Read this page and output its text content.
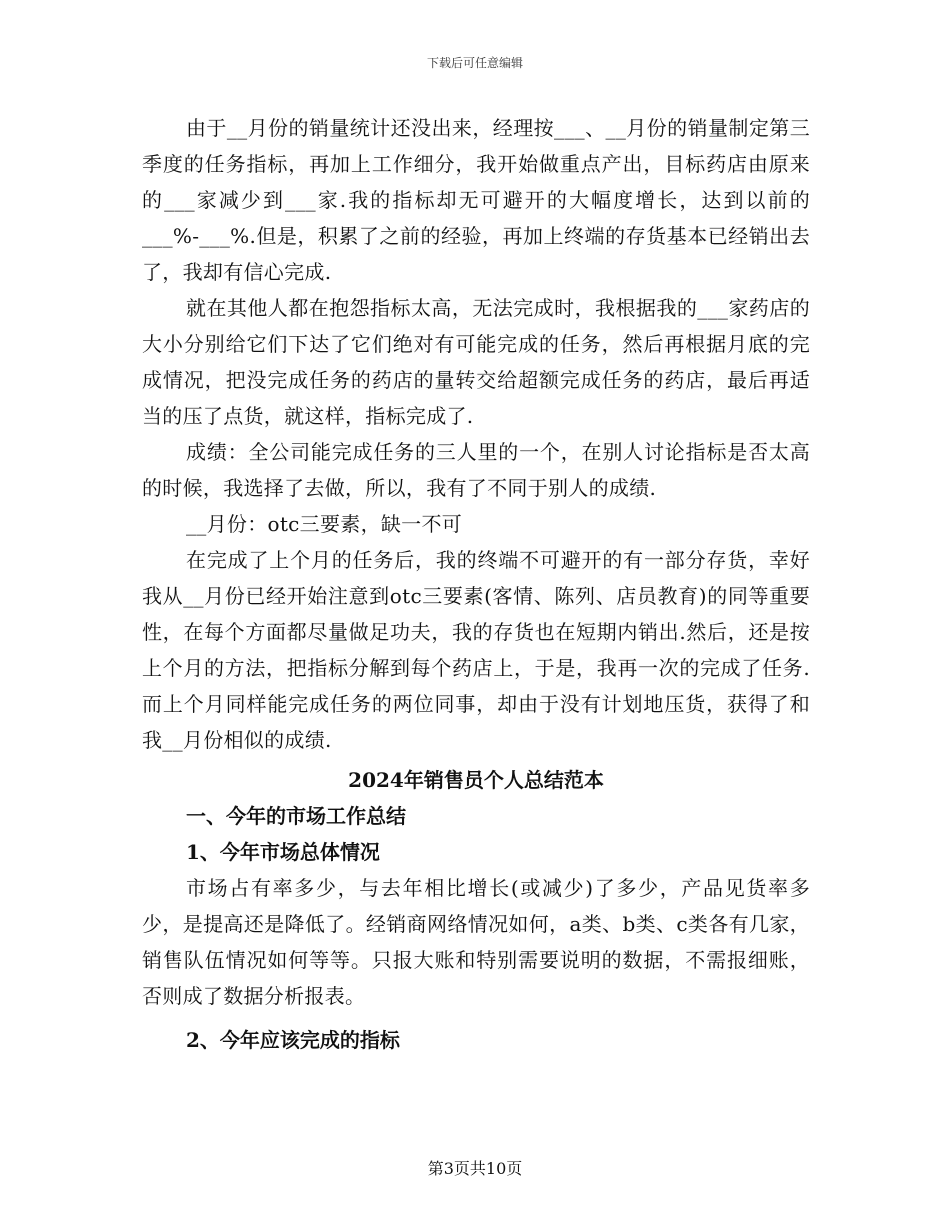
下载后可任意编辑

由于__月份的销量统计还没出来，经理按___、__月份的销量制定第三季度的任务指标，再加上工作细分，我开始做重点产出，目标药店由原来的___家减少到___家.我的指标却无可避开的大幅度增长，达到以前的___%-___%.但是，积累了之前的经验，再加上终端的存货基本已经销出去了，我却有信心完成.

就在其他人都在抱怨指标太高，无法完成时，我根据我的___家药店的大小分别给它们下达了它们绝对有可能完成的任务，然后再根据月底的完成情况，把没完成任务的药店的量转交给超额完成任务的药店，最后再适当的压了点货，就这样，指标完成了.

成绩：全公司能完成任务的三人里的一个，在别人讨论指标是否太高的时候，我选择了去做，所以，我有了不同于别人的成绩.

__月份：otc三要素，缺一不可

在完成了上个月的任务后，我的终端不可避开的有一部分存货，幸好我从__月份已经开始注意到otc三要素(客情、陈列、店员教育)的同等重要性，在每个方面都尽量做足功夫，我的存货也在短期内销出.然后，还是按上个月的方法，把指标分解到每个药店上，于是，我再一次的完成了任务.而上个月同样能完成任务的两位同事，却由于没有计划地压货，获得了和我__月份相似的成绩.

2024年销售员个人总结范本
一、今年的市场工作总结
1、今年市场总体情况

市场占有率多少，与去年相比增长(或减少)了多少，产品见货率多少，是提高还是降低了。经销商网络情况如何，a类、b类、c类各有几家，销售队伍情况如何等等。只报大账和特别需要说明的数据，不需报细账，否则成了数据分析报表。

2、今年应该完成的指标
第3页共10页
